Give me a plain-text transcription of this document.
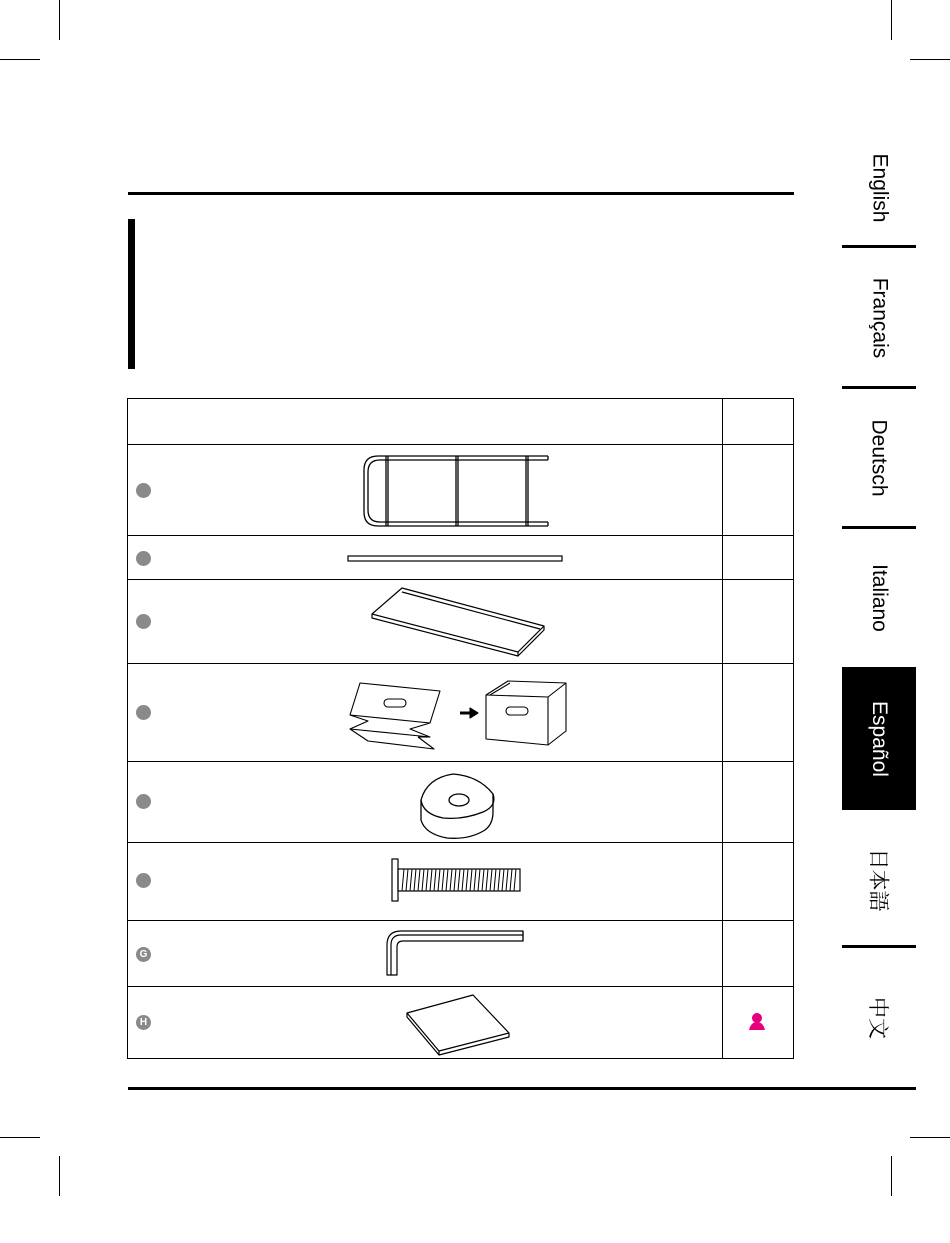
G
H
English
Français
Deutsch
Italiano
Español
日本語
中文
